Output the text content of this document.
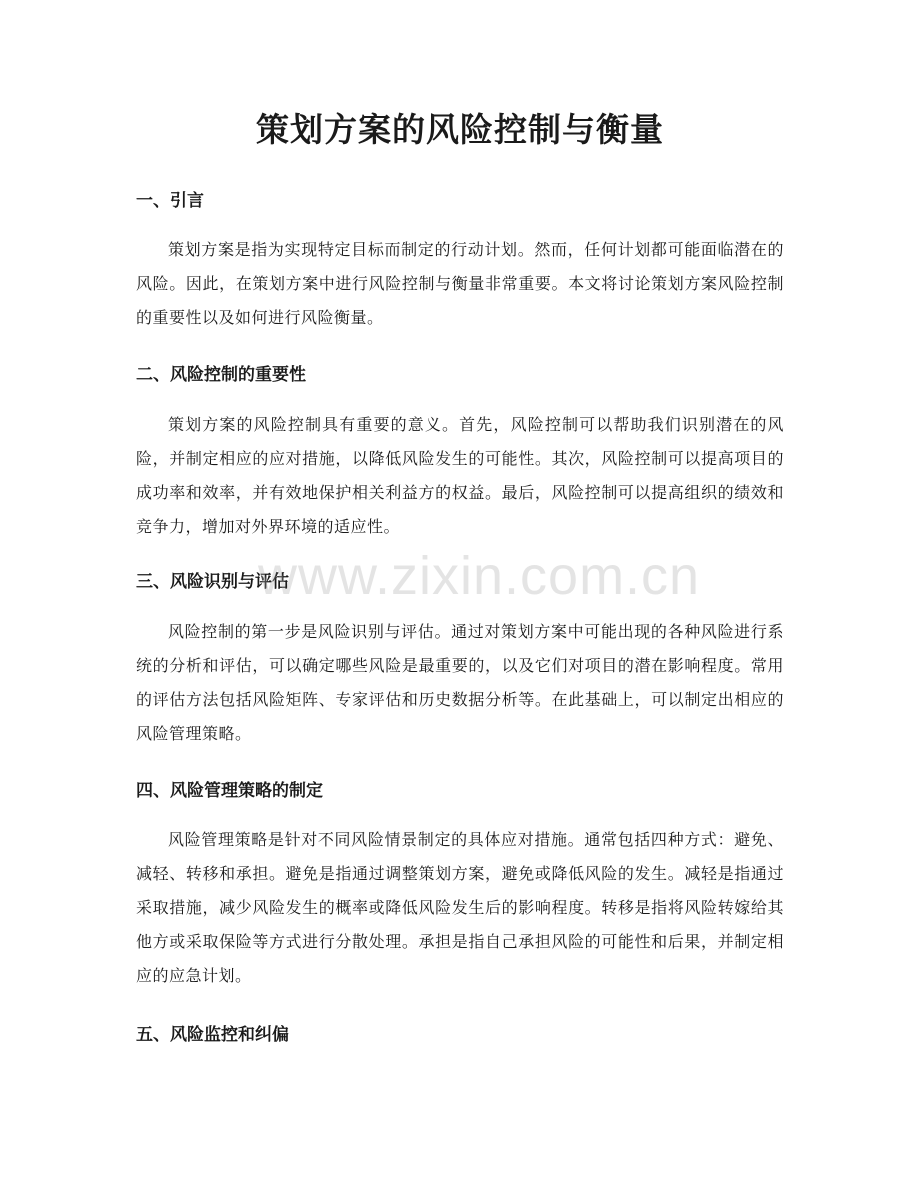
策划方案的风险控制与衡量
一、引言

策划方案是指为实现特定目标而制定的行动计划。然而，任何计划都可能面临潜在的风险。因此，在策划方案中进行风险控制与衡量非常重要。本文将讨论策划方案风险控制的重要性以及如何进行风险衡量。

二、风险控制的重要性

策划方案的风险控制具有重要的意义。首先，风险控制可以帮助我们识别潜在的风险，并制定相应的应对措施，以降低风险发生的可能性。其次，风险控制可以提高项目的成功率和效率，并有效地保护相关利益方的权益。最后，风险控制可以提高组织的绩效和竞争力，增加对外界环境的适应性。

三、风险识别与评估

风险控制的第一步是风险识别与评估。通过对策划方案中可能出现的各种风险进行系统的分析和评估，可以确定哪些风险是最重要的，以及它们对项目的潜在影响程度。常用的评估方法包括风险矩阵、专家评估和历史数据分析等。在此基础上，可以制定出相应的风险管理策略。

四、风险管理策略的制定

风险管理策略是针对不同风险情景制定的具体应对措施。通常包括四种方式：避免、减轻、转移和承担。避免是指通过调整策划方案，避免或降低风险的发生。减轻是指通过采取措施，减少风险发生的概率或降低风险发生后的影响程度。转移是指将风险转嫁给其他方或采取保险等方式进行分散处理。承担是指自己承担风险的可能性和后果，并制定相应的应急计划。

五、风险监控和纠偏
www.zixin.com.cn
